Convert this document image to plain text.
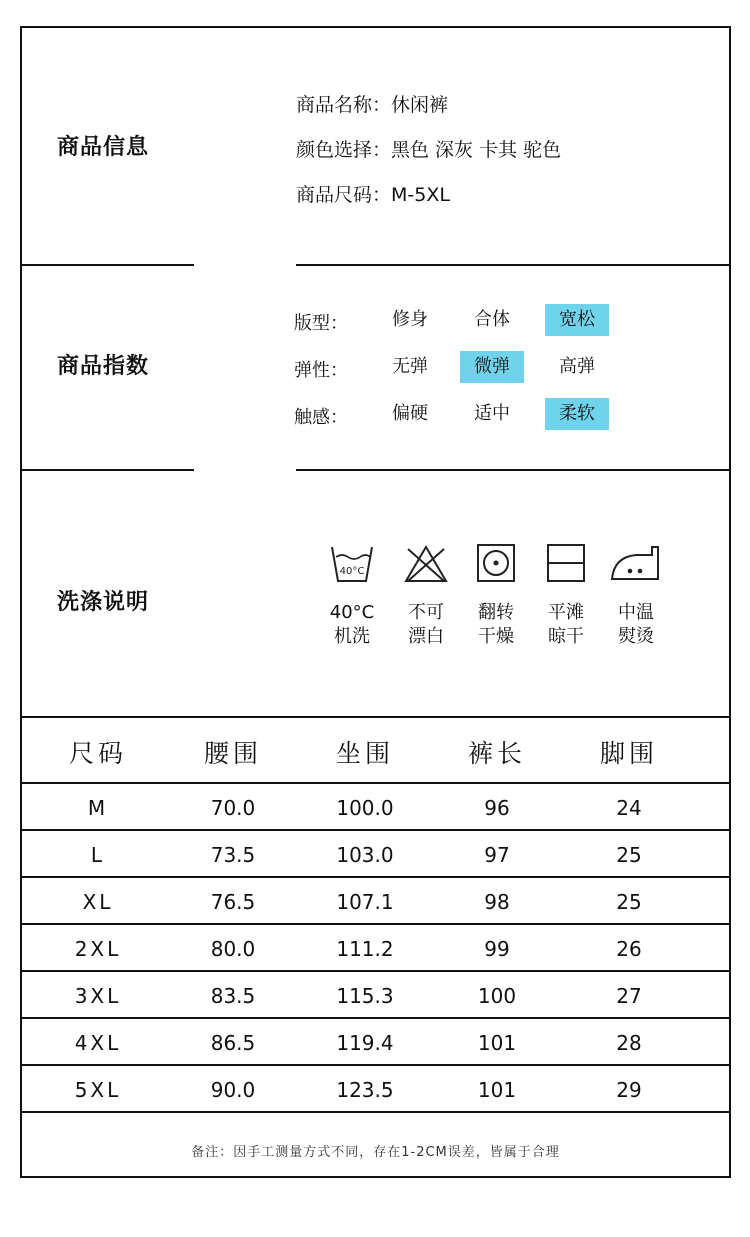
商品信息
商品名称：休闲裤
颜色选择：黑色 深灰 卡其 驼色
商品尺码：M-5XL
商品指数
版型：	修身	合体	宽松
弹性：	无弹	微弹	高弹
触感：	偏硬	适中	柔软
洗涤说明
40°C
40°C
机洗
不可
漂白
翻转
干燥
平滩
晾干
中温
熨烫
尺码	腰围	坐围	裤长	脚围
M	70.0	100.0	96	24
L	73.5	103.0	97	25
XL	76.5	107.1	98	25
2XL	80.0	111.2	99	26
3XL	83.5	115.3	100	27
4XL	86.5	119.4	101	28
5XL	90.0	123.5	101	29
备注：因手工测量方式不同，存在1-2CM误差，皆属于合理
